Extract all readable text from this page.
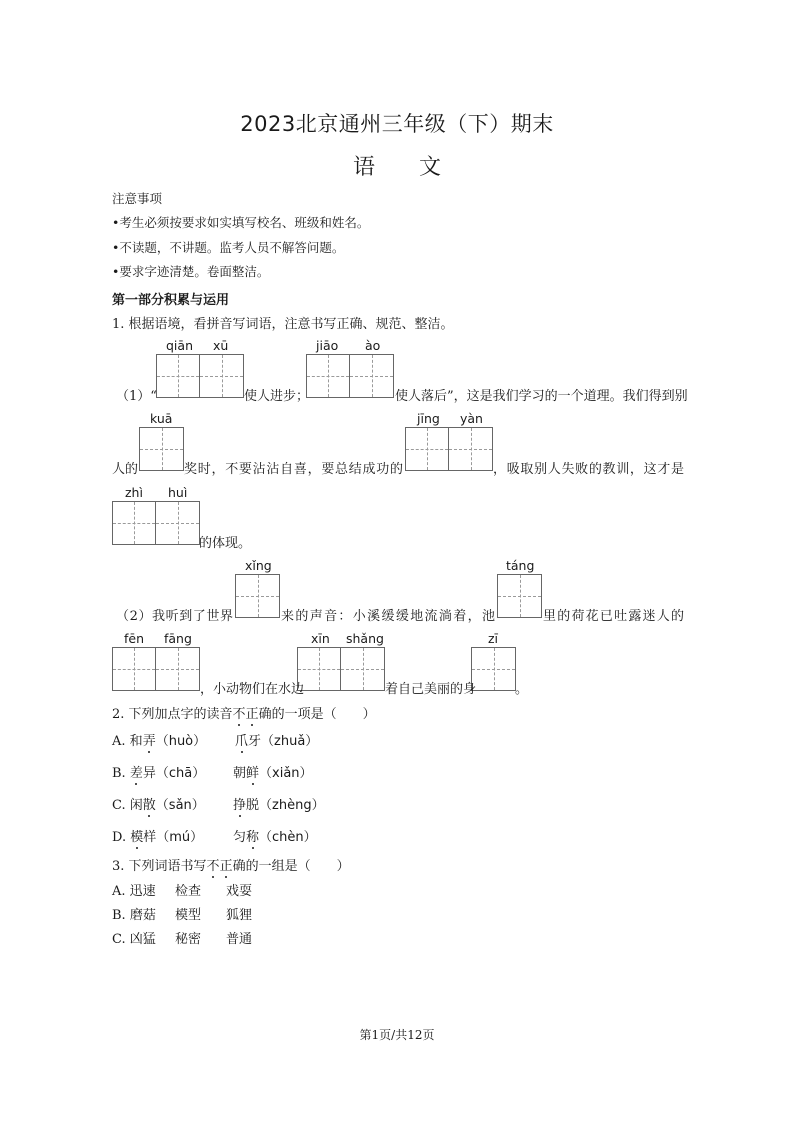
2023北京通州三年级（下）期末
语　　文
注意事项
•考生必须按要求如实填写校名、班级和姓名。
•不读题，不讲题。监考人员不解答问题。
•要求字迹清楚。卷面整洁。
第一部分积累与运用
1. 根据语境，看拼音写词语，注意书写正确、规范、整洁。
qiān xū	jiāo ào
（1）“	使人进步；	使人落后”，这是我们学习的一个道理。我们得到别
kuā	jīng yàn
人的	奖时，不要沾沾自喜，要总结成功的	，吸取别人失败的教训，这才是
zhì huì
的体现。
xǐng	táng
（2）我听到了世界	来的声音：小溪缓缓地流淌着，池	里的荷花已吐露迷人的
fēn fāng	xīn shǎng	zī
，小动物们在水边	着自己美丽的身	。
2. 下列加点字的读音不正确的一项是（　　）
A. 和弄（huò） 爪牙（zhuǎ）
B. 差异（chā） 朝鲜（xiǎn）
C. 闲散（sǎn） 挣脱（zhèng）
D. 模样（mú） 匀称（chèn）
3. 下列词语书写不正确的一组是（　　）
A. 迅速 检查 戏耍
B. 磨菇 模型 狐狸
C. 凶猛 秘密 普通
第1页/共12页
